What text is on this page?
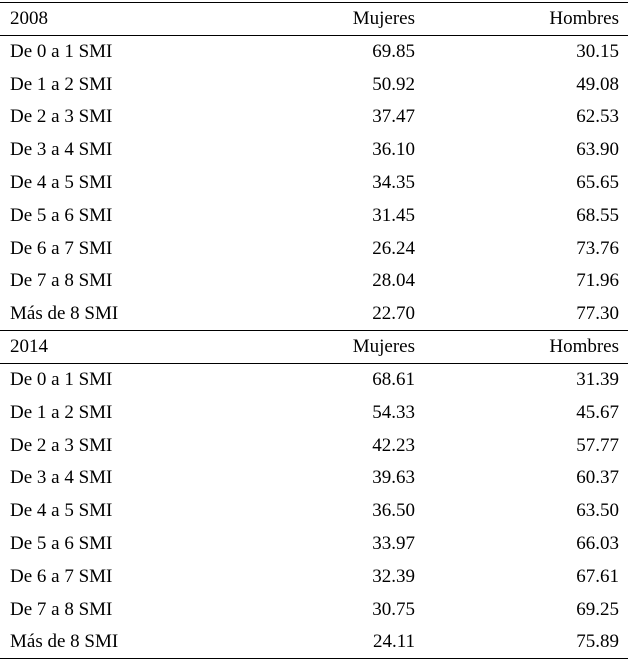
2008	Mujeres	Hombres
De 0 a 1 SMI	69.85	30.15
De 1 a 2 SMI	50.92	49.08
De 2 a 3 SMI	37.47	62.53
De 3 a 4 SMI	36.10	63.90
De 4 a 5 SMI	34.35	65.65
De 5 a 6 SMI	31.45	68.55
De 6 a 7 SMI	26.24	73.76
De 7 a 8 SMI	28.04	71.96
Más de 8 SMI	22.70	77.30
2014	Mujeres	Hombres
De 0 a 1 SMI	68.61	31.39
De 1 a 2 SMI	54.33	45.67
De 2 a 3 SMI	42.23	57.77
De 3 a 4 SMI	39.63	60.37
De 4 a 5 SMI	36.50	63.50
De 5 a 6 SMI	33.97	66.03
De 6 a 7 SMI	32.39	67.61
De 7 a 8 SMI	30.75	69.25
Más de 8 SMI	24.11	75.89
